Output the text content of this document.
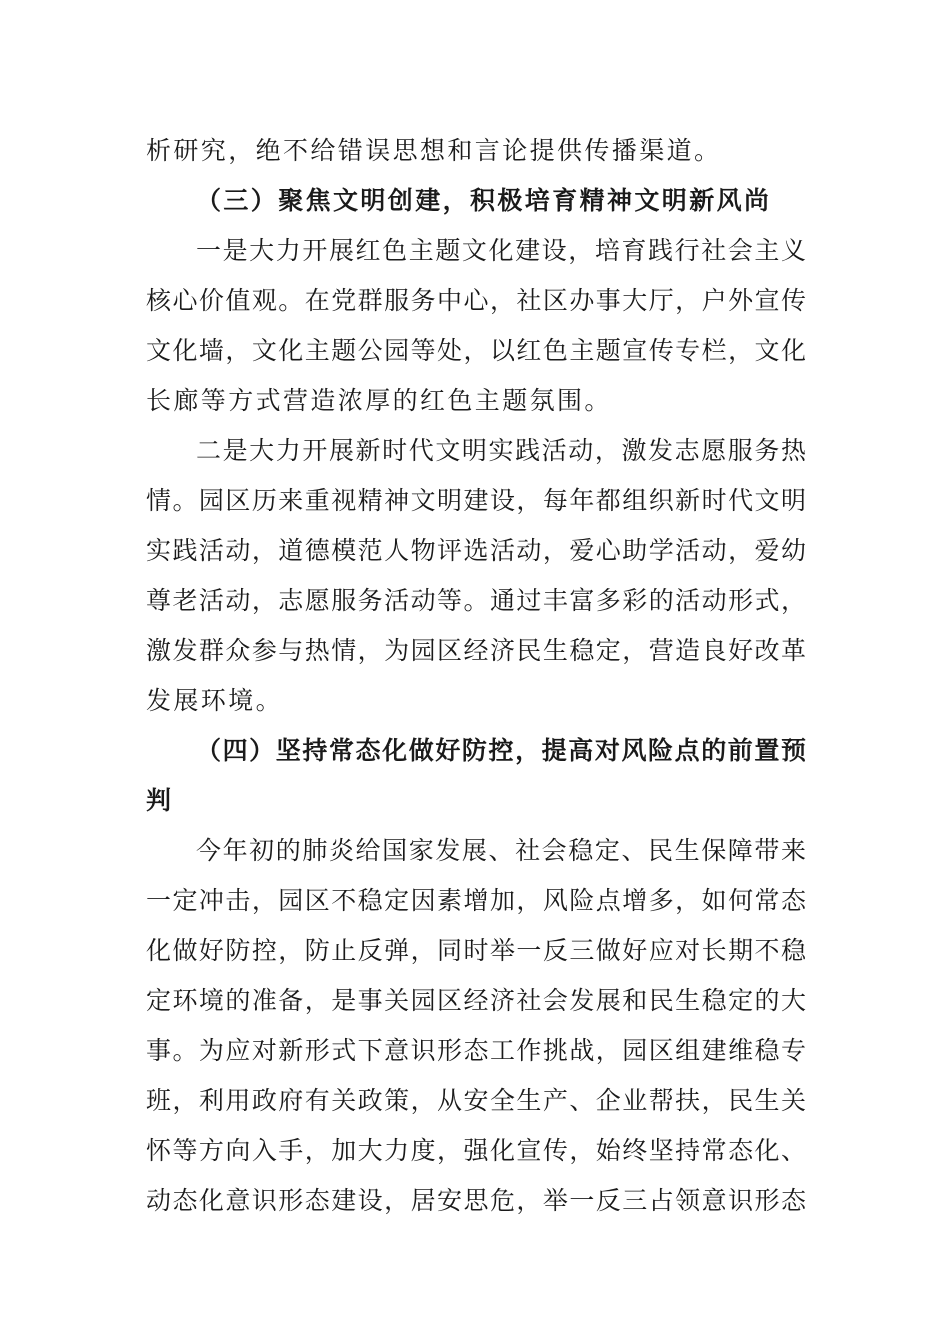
析研究，绝不给错误思想和言论提供传播渠道。
（三）聚焦文明创建，积极培育精神文明新风尚
一是大力开展红色主题文化建设，培育践行社会主义
核心价值观。在党群服务中心，社区办事大厅，户外宣传
文化墙，文化主题公园等处，以红色主题宣传专栏，文化
长廊等方式营造浓厚的红色主题氛围。
二是大力开展新时代文明实践活动，激发志愿服务热
情。园区历来重视精神文明建设，每年都组织新时代文明
实践活动，道德模范人物评选活动，爱心助学活动，爱幼
尊老活动，志愿服务活动等。通过丰富多彩的活动形式，
激发群众参与热情，为园区经济民生稳定，营造良好改革
发展环境。
（四）坚持常态化做好防控，提高对风险点的前置预
判
今年初的肺炎给国家发展、社会稳定、民生保障带来
一定冲击，园区不稳定因素增加，风险点增多，如何常态
化做好防控，防止反弹，同时举一反三做好应对长期不稳
定环境的准备，是事关园区经济社会发展和民生稳定的大
事。为应对新形式下意识形态工作挑战，园区组建维稳专
班，利用政府有关政策，从安全生产、企业帮扶，民生关
怀等方向入手，加大力度，强化宣传，始终坚持常态化、
动态化意识形态建设，居安思危，举一反三占领意识形态
